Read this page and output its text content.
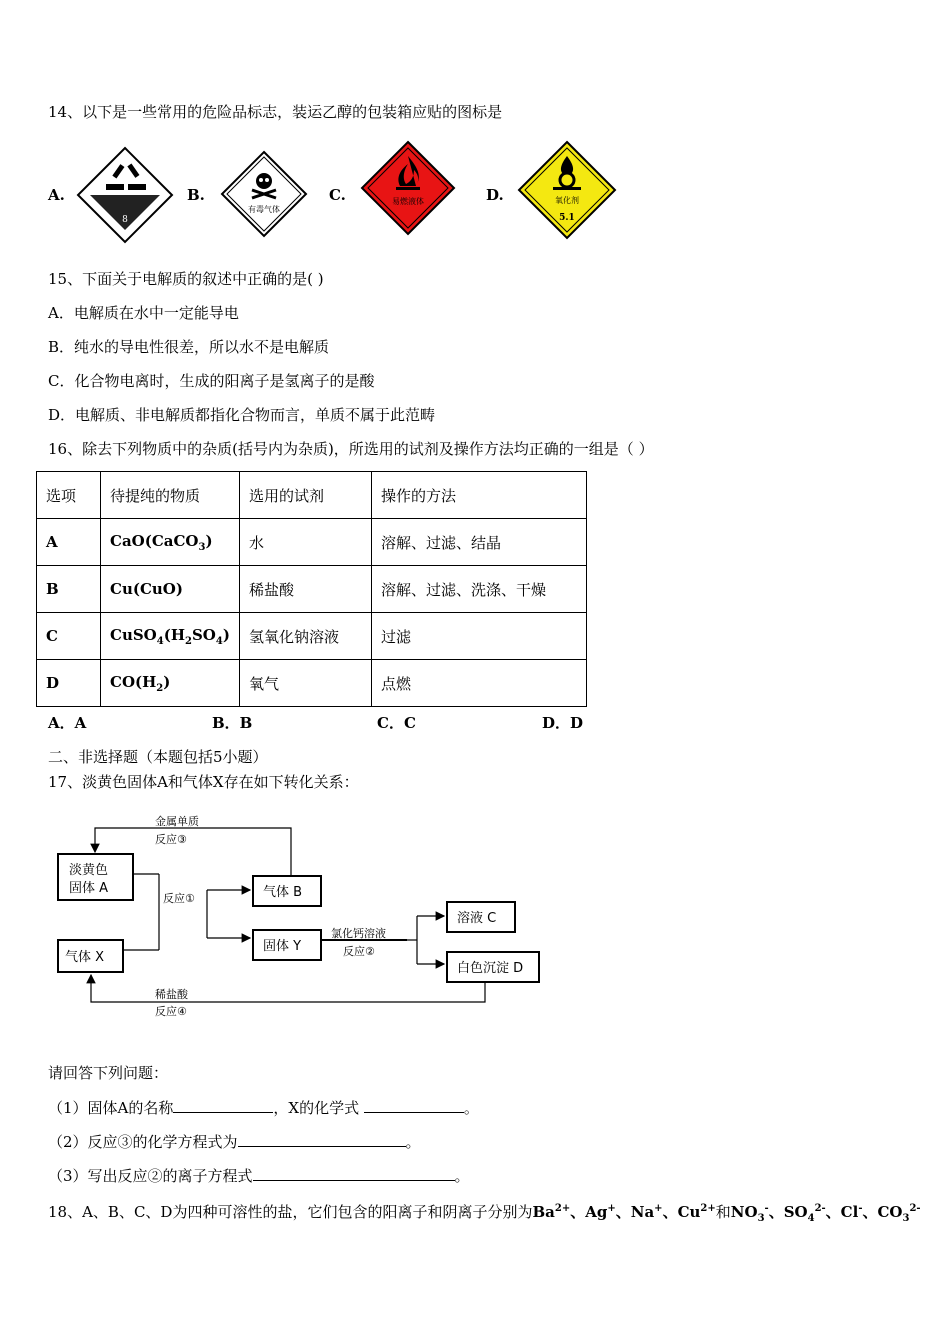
14、以下是一些常用的危险品标志，装运乙醇的包装箱应贴的图标是
A.
8
B.
有毒气体
C.	易燃液体	D.	氧化剂
5.1
15、下面关于电解质的叙述中正确的是( )
A．电解质在水中一定能导电
B．纯水的导电性很差，所以水不是电解质
C．化合物电离时，生成的阳离子是氢离子的是酸
D．电解质、非电解质都指化合物而言，单质不属于此范畴
16、除去下列物质中的杂质(括号内为杂质)，所选用的试剂及操作方法均正确的一组是（ ）
选项	待提纯的物质	选用的试剂	操作的方法
A	CaO(CaCO$_3$)	水	溶解、过滤、结晶
B	Cu(CuO)	稀盐酸	溶解、过滤、洗涤、干燥
C	$CuSO_4(H_2SO_4)$	氢氧化钠溶液	过滤
D	$CO(H_2)$	氧气	点燃
A．A	B．B	C．C	D．D
二、非选择题（本题包括5小题）
17、淡黄色固体A和气体X存在如下转化关系：
淡黄色
固体 A
气体 X
气体 B
固体 Y
溶液 C
白色沉淀 D
金属单质
反应③
反应①
氯化钙溶液
反应②
稀盐酸
反应④
请回答下列问题：
（1）固体A的名称	，X的化学式	。
（2）反应③的化学方程式为	。
（3）写出反应②的离子方程式	。
18、A、B、C、D为四种可溶性的盐，它们包含的阳离子和阴离子分别为$Ba^{2+}$、Ag+、Na+、$Cu^{2+}$和$NO_3^-$、$SO_4^{2-}$、Cl-、$CO_3^{2-}$
